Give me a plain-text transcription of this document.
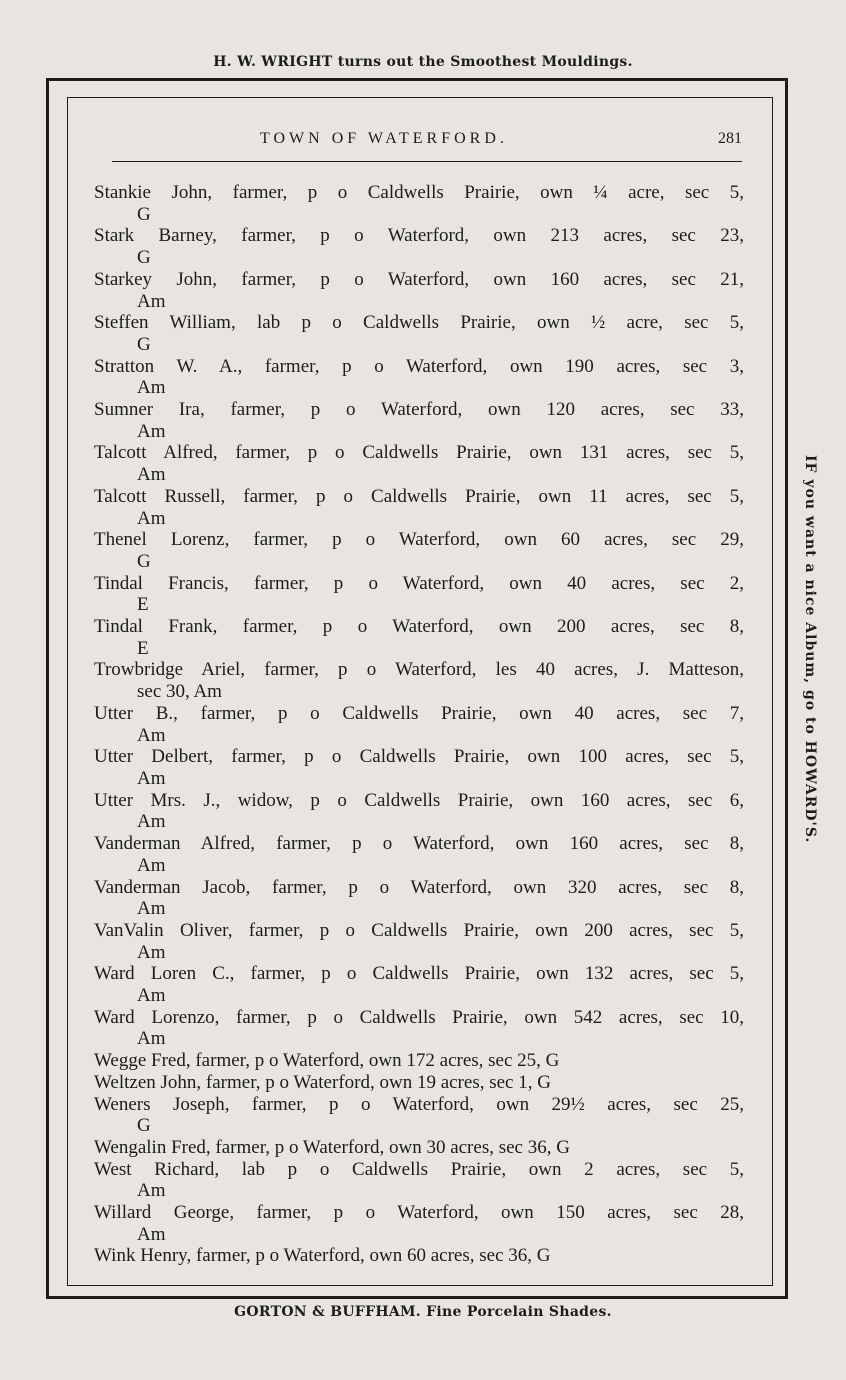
H. W. WRIGHT turns out the Smoothest Mouldings.
TOWN OF WATERFORD.	281
Stankie John, farmer, p o Caldwells Prairie, own ¼ acre, sec 5,
G
Stark Barney, farmer, p o Waterford, own 213 acres, sec 23,
G
Starkey John, farmer, p o Waterford, own 160 acres, sec 21,
Am
Steffen William, lab p o Caldwells Prairie, own ½ acre, sec 5,
G
Stratton W. A., farmer, p o Waterford, own 190 acres, sec 3,
Am
Sumner Ira, farmer, p o Waterford, own 120 acres, sec 33,
Am
Talcott Alfred, farmer, p o Caldwells Prairie, own 131 acres, sec 5,
Am
Talcott Russell, farmer, p o Caldwells Prairie, own 11 acres, sec 5,
Am
Thenel Lorenz, farmer, p o Waterford, own 60 acres, sec 29,
G
Tindal Francis, farmer, p o Waterford, own 40 acres, sec 2,
E
Tindal Frank, farmer, p o Waterford, own 200 acres, sec 8,
E
Trowbridge Ariel, farmer, p o Waterford, les 40 acres, J. Matteson,
sec 30, Am
Utter B., farmer, p o Caldwells Prairie, own 40 acres, sec 7,
Am
Utter Delbert, farmer, p o Caldwells Prairie, own 100 acres, sec 5,
Am
Utter Mrs. J., widow, p o Caldwells Prairie, own 160 acres, sec 6,
Am
Vanderman Alfred, farmer, p o Waterford, own 160 acres, sec 8,
Am
Vanderman Jacob, farmer, p o Waterford, own 320 acres, sec 8,
Am
VanValin Oliver, farmer, p o Caldwells Prairie, own 200 acres, sec 5,
Am
Ward Loren C., farmer, p o Caldwells Prairie, own 132 acres, sec 5,
Am
Ward Lorenzo, farmer, p o Caldwells Prairie, own 542 acres, sec 10,
Am
Wegge Fred, farmer, p o Waterford, own 172 acres, sec 25, G
Weltzen John, farmer, p o Waterford, own 19 acres, sec 1, G
Weners Joseph, farmer, p o Waterford, own 29½ acres, sec 25,
G
Wengalin Fred, farmer, p o Waterford, own 30 acres, sec 36, G
West Richard, lab p o Caldwells Prairie, own 2 acres, sec 5,
Am
Willard George, farmer, p o Waterford, own 150 acres, sec 28,
Am
Wink Henry, farmer, p o Waterford, own 60 acres, sec 36, G
IF you want a nice Album, go to HOWARD'S.
GORTON & BUFFHAM. Fine Porcelain Shades.
